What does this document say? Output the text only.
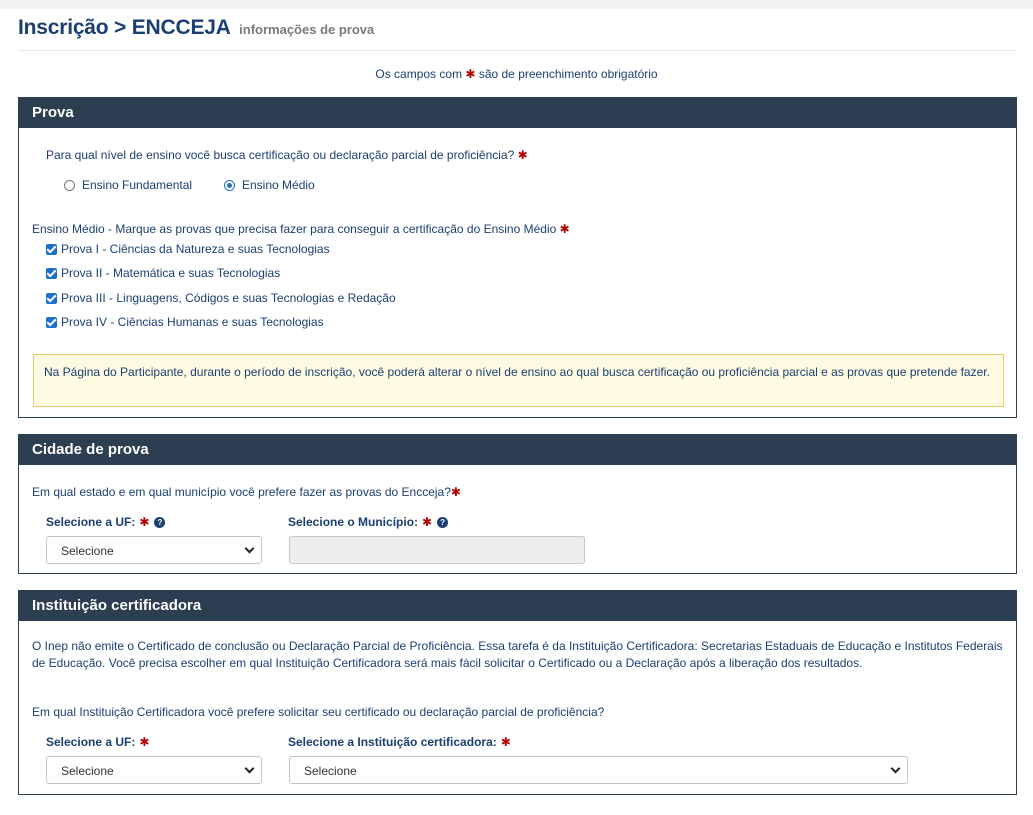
Inscrição > ENCCEJA informações de prova
Os campos com ✱ são de preenchimento obrigatório
Prova
Para qual nível de ensino você busca certificação ou declaração parcial de proficiência? ✱
Ensino Fundamental	Ensino Médio
Ensino Médio - Marque as provas que precisa fazer para conseguir a certificação do Ensino Médio ✱
Prova I - Ciências da Natureza e suas Tecnologias
Prova II - Matemática e suas Tecnologias
Prova III - Linguagens, Códigos e suas Tecnologias e Redação
Prova IV - Ciências Humanas e suas Tecnologias
Na Página do Participante, durante o período de inscrição, você poderá alterar o nível de ensino ao qual busca certificação ou proficiência parcial e as provas que pretende fazer.
Cidade de prova
Em qual estado e em qual município você prefere fazer as provas do Encceja?✱
Selecione a UF: ✱	?
Selecione
Selecione o Município: ✱	?
Instituição certificadora
O Inep não emite o Certificado de conclusão ou Declaração Parcial de Proficiência. Essa tarefa é da Instituição Certificadora: Secretarias Estaduais de Educação e Institutos Federais de Educação. Você precisa escolher em qual Instituição Certificadora será mais fácil solicitar o Certificado ou a Declaração após a liberação dos resultados.
Em qual Instituição Certificadora você prefere solicitar seu certificado ou declaração parcial de proficiência?
Selecione a UF: ✱
Selecione
Selecione a Instituição certificadora: ✱
Selecione
